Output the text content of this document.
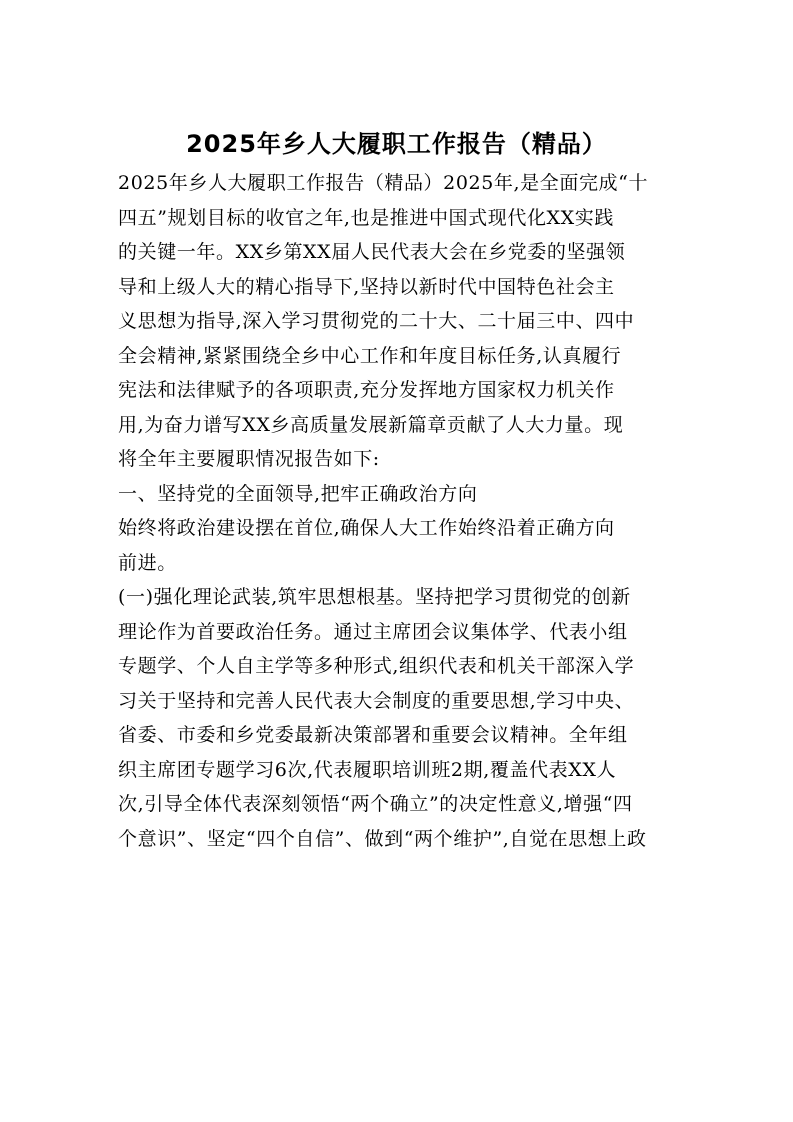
2025年乡人大履职工作报告（精品）
2025年乡人大履职工作报告（精品）2025年,是全面完成“十
四五”规划目标的收官之年,也是推进中国式现代化XX实践
的关键一年。XX乡第XX届人民代表大会在乡党委的坚强领
导和上级人大的精心指导下,坚持以新时代中国特色社会主
义思想为指导,深入学习贯彻党的二十大、二十届三中、四中
全会精神,紧紧围绕全乡中心工作和年度目标任务,认真履行
宪法和法律赋予的各项职责,充分发挥地方国家权力机关作
用,为奋力谱写XX乡高质量发展新篇章贡献了人大力量。现
将全年主要履职情况报告如下:
一、坚持党的全面领导,把牢正确政治方向
始终将政治建设摆在首位,确保人大工作始终沿着正确方向
前进。
(一)强化理论武装,筑牢思想根基。坚持把学习贯彻党的创新
理论作为首要政治任务。通过主席团会议集体学、代表小组
专题学、个人自主学等多种形式,组织代表和机关干部深入学
习关于坚持和完善人民代表大会制度的重要思想,学习中央、
省委、市委和乡党委最新决策部署和重要会议精神。全年组
织主席团专题学习6次,代表履职培训班2期,覆盖代表XX人
次,引导全体代表深刻领悟“两个确立”的决定性意义,增强“四
个意识”、坚定“四个自信”、做到“两个维护”,自觉在思想上政
